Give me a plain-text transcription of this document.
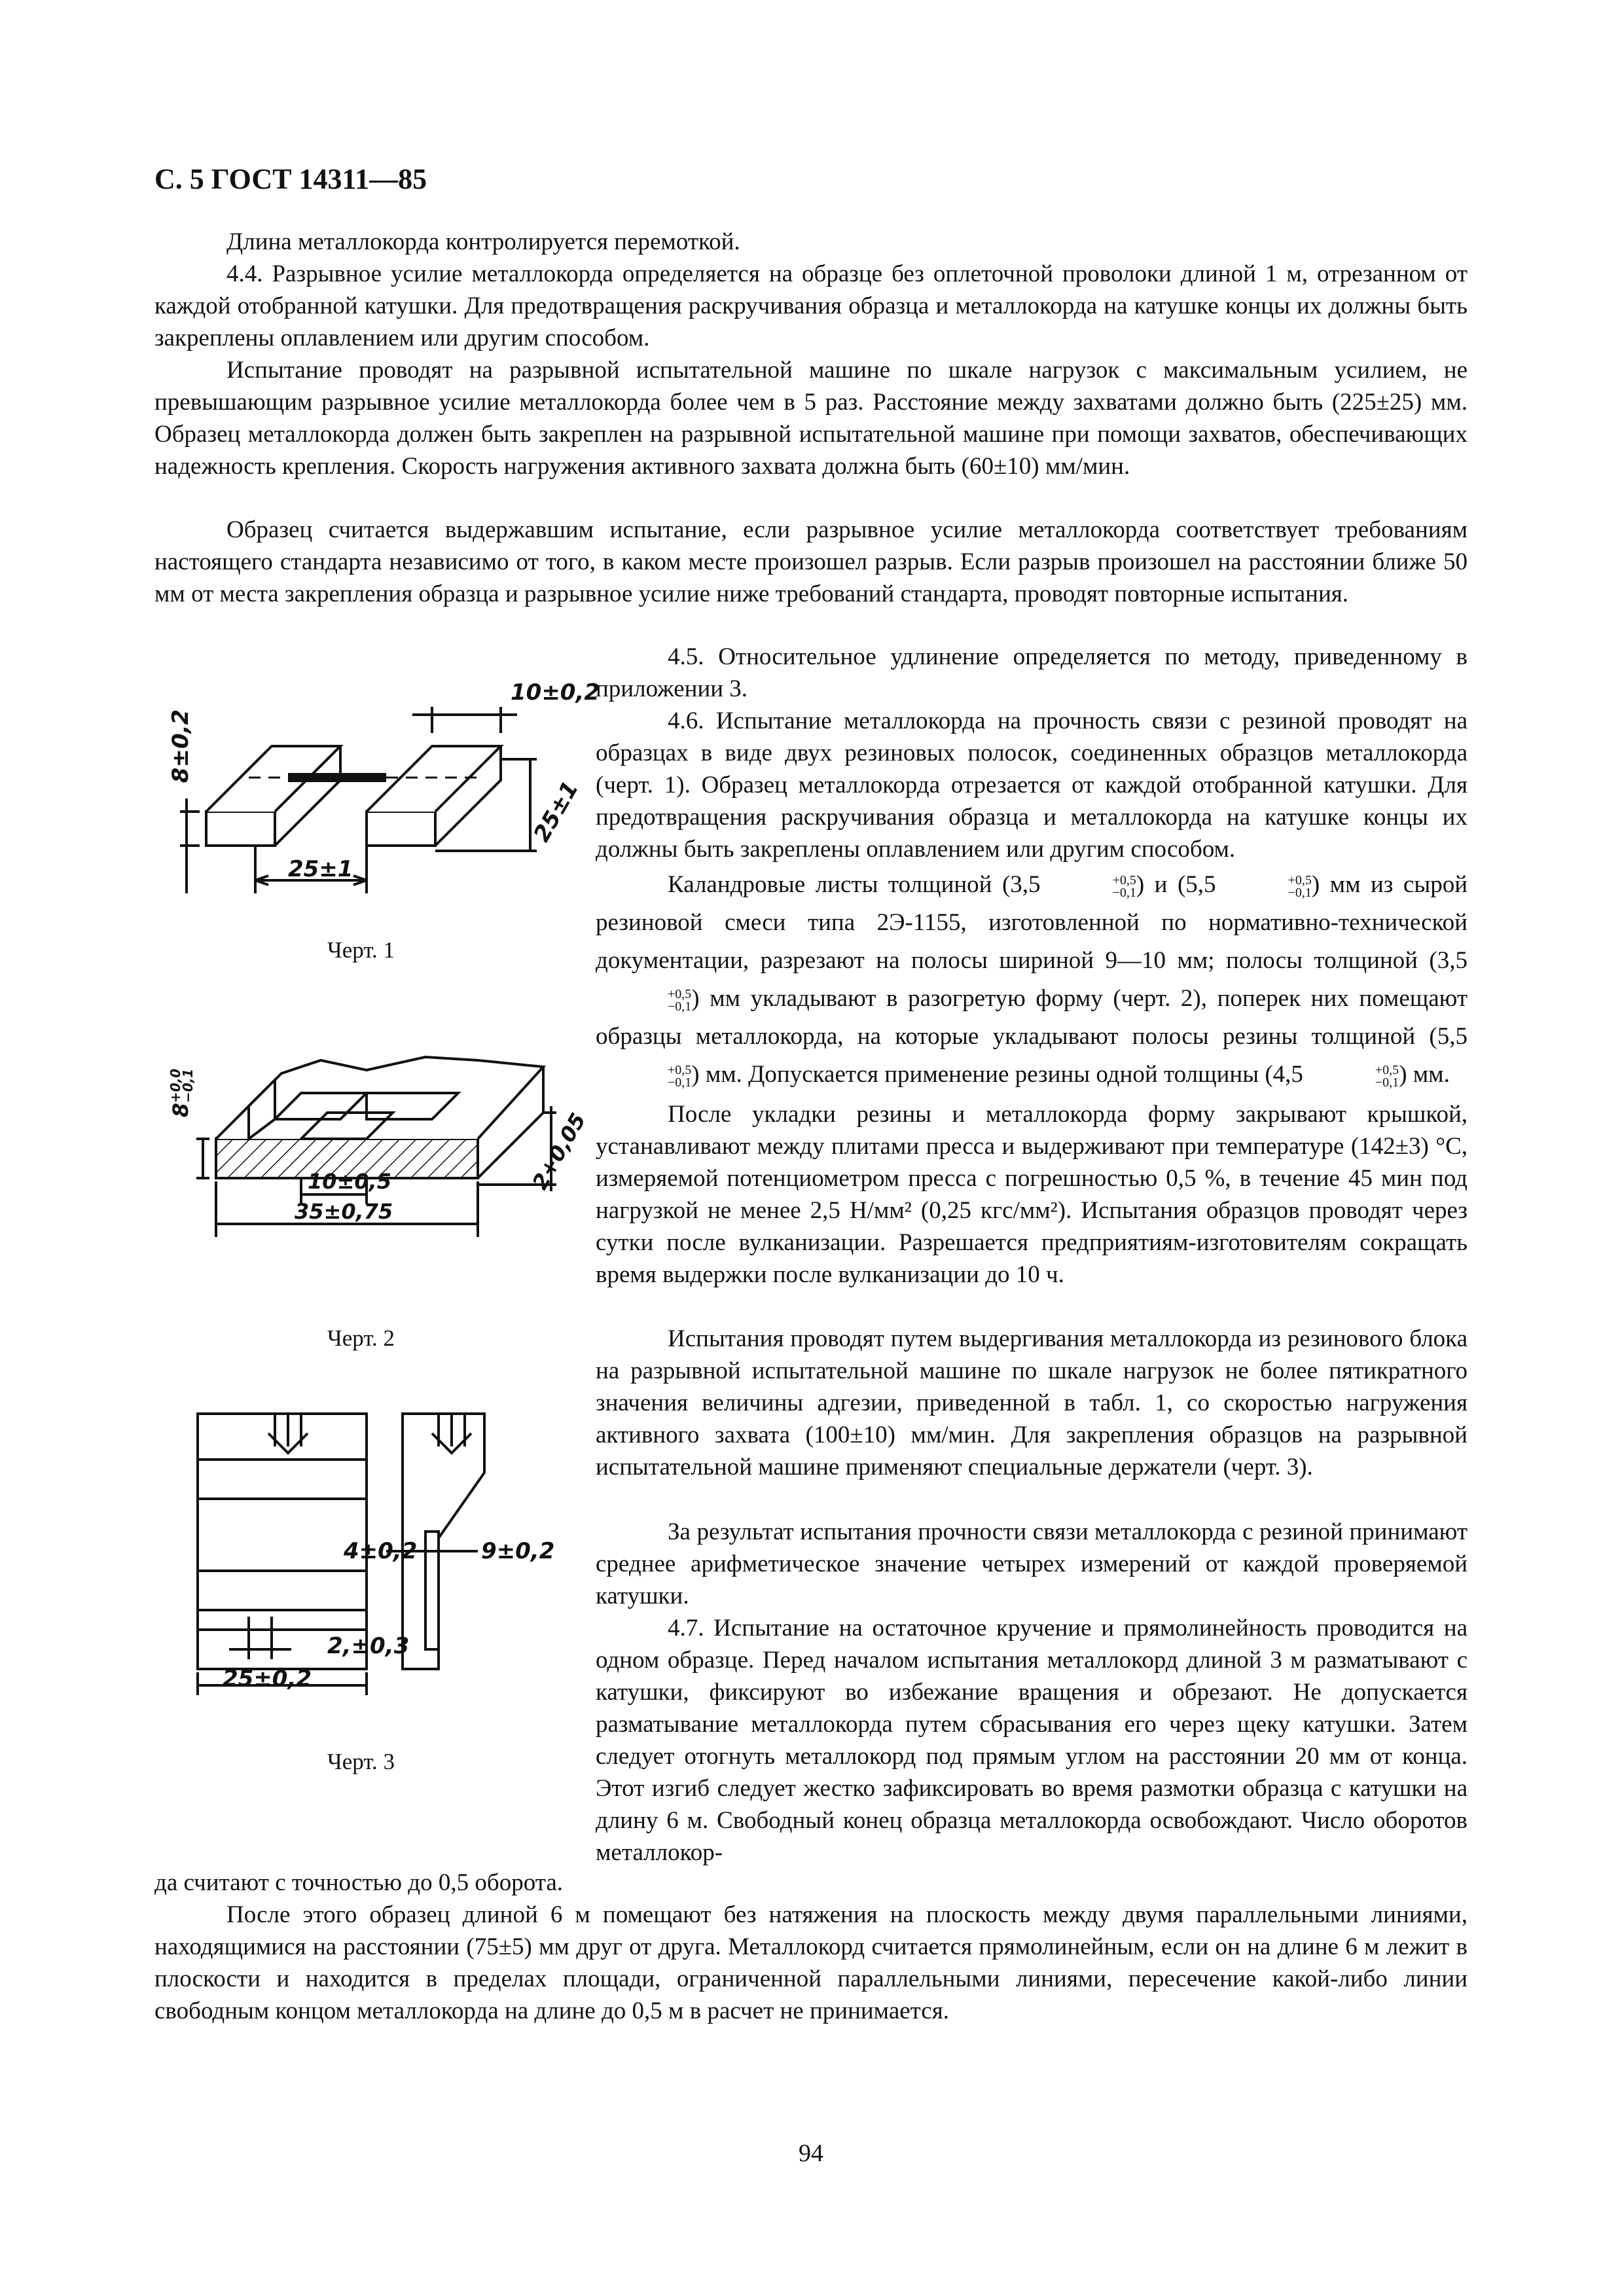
С. 5 ГОСТ 14311—85

Длина металлокорда контролируется перемоткой.

4.4. Разрывное усилие металлокорда определяется на образце без оплеточной проволоки длиной 1 м, отрезанном от каждой отобранной катушки. Для предотвращения раскручивания образца и металлокорда на катушке концы их должны быть закреплены оплавлением или другим способом.

Испытание проводят на разрывной испытательной машине по шкале нагрузок с максимальным усилием, не превышающим разрывное усилие металлокорда более чем в 5 раз. Расстояние между захватами должно быть (225±25) мм. Образец металлокорда должен быть закреплен на разрывной испытательной машине при помощи захватов, обеспечивающих надежность крепления. Скорость нагружения активного захвата должна быть (60±10) мм/мин.

Образец считается выдержавшим испытание, если разрывное усилие металлокорда соответствует требованиям настоящего стандарта независимо от того, в каком месте произошел разрыв. Если разрыв произошел на расстоянии ближе 50 мм от места закрепления образца и разрывное усилие ниже требований стандарта, проводят повторные испытания.

4.5. Относительное удлинение определяется по методу, приведенному в приложении 3.

4.6. Испытание металлокорда на прочность связи с резиной проводят на образцах в виде двух резиновых полосок, соединенных образцов металлокорда (черт. 1). Образец металлокорда отрезается от каждой отобранной катушки. Для предотвращения раскручивания образца и металлокорда на катушке концы их должны быть закреплены оплавлением или другим способом.

Каландровые листы толщиной (3,5	+0,5
−0,1 ) и (5,5	+0,5
−0,1 ) мм из сырой резиновой смеси типа 2Э-1155, изготовленной по нормативно-технической документации, разрезают на полосы шириной 9—10 мм; полосы толщиной (3,5
+0,5
−0,1 ) мм укладывают в разогретую форму (черт. 2), поперек них помещают образцы металлокорда, на которые укладывают полосы резины толщиной (5,5
+0,5
−0,1 ) мм. Допускается применение резины одной толщины (4,5	+0,5
−0,1 ) мм.

После укладки резины и металлокорда форму закрывают крышкой, устанавливают между плитами пресса и выдерживают при температуре (142±3) °С, измеряемой потенциометром пресса с погрешностью 0,5 %, в течение 45 мин под нагрузкой не менее 2,5 Н/мм² (0,25 кгс/мм²). Испытания образцов проводят через сутки после вулканизации. Разрешается предприятиям-изготовителям сокращать время выдержки после вулканизации до 10 ч.

Испытания проводят путем выдергивания металлокорда из резинового блока на разрывной испытательной машине по шкале нагрузок не более пятикратного значения величины адгезии, приведенной в табл. 1, со скоростью нагружения активного захвата (100±10) мм/мин. Для закрепления образцов на разрывной испытательной машине применяют специальные держатели (черт. 3).

За результат испытания прочности связи металлокорда с резиной принимают среднее арифметическое значение четырех измерений от каждой проверяемой катушки.

4.7. Испытание на остаточное кручение и прямолинейность проводится на одном образце. Перед началом испытания металлокорд длиной 3 м разматывают с катушки, фиксируют во избежание вращения и обрезают. Не допускается разматывание металлокорда путем сбрасывания его через щеку катушки. Затем следует отогнуть металлокорд под прямым углом на расстоянии 20 мм от конца. Этот изгиб следует жестко зафиксировать во время размотки образца с катушки на длину 6 м. Свободный конец образца металлокорда освобождают. Число оборотов металлокор-

да считают с точностью до 0,5 оборота.

После этого образец длиной 6 м помещают без натяжения на плоскость между двумя параллельными линиями, находящимися на расстоянии (75±5) мм друг от друга. Металлокорд считается прямолинейным, если он на длине 6 м лежит в плоскости и находится в пределах площади, ограниченной параллельными линиями, пересечение какой-либо линии свободным концом металлокорда на длине до 0,5 м в расчет не принимается.

8±0,2
10±0,2
25±1
25±1
Черт. 1
8
+0,0
−0,1
2+0,05
10±0,5
35±0,75
Черт. 2
4±0,2	9±0,2
2,±0,3
25±0,2
Черт. 3
94
